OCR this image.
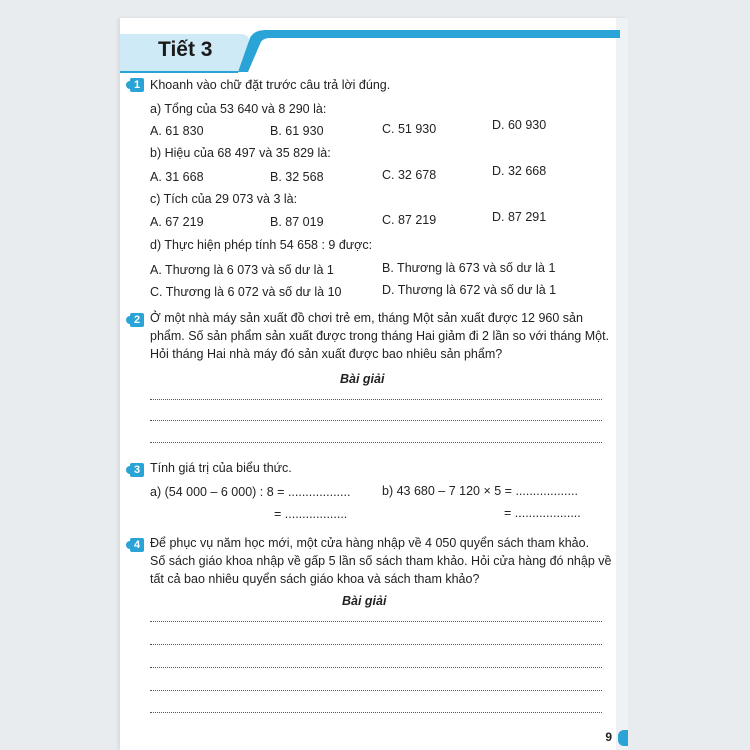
Tiết 3
1 Khoanh vào chữ đặt trước câu trả lời đúng.
a) Tổng của 53 640 và 8 290 là:
A. 61 830	B. 61 930	C. 51 930	D. 60 930
b) Hiệu của 68 497 và 35 829 là:
A. 31 668	B. 32 568	C. 32 678	D. 32 668
c) Tích của 29 073 và 3 là:
A. 67 219	B. 87 019	C. 87 219	D. 87 291
d) Thực hiện phép tính 54 658 : 9 được:
A. Thương là 6 073 và số dư là 1	B. Thương là 673 và số dư là 1
C. Thương là 6 072 và số dư là 10	D. Thương là 672 và số dư là 1
2 Ở một nhà máy sản xuất đồ chơi trẻ em, tháng Một sản xuất được 12 960 sản
phẩm. Số sản phẩm sản xuất được trong tháng Hai giảm đi 2 lần so với tháng Một.
Hỏi tháng Hai nhà máy đó sản xuất được bao nhiêu sản phẩm?
Bài giải
3 Tính giá trị của biểu thức.
a) (54 000 – 6 000) : 8 = ..................
= ..................
b) 43 680 – 7 120 × 5 = ..................
= ...................
4 Để phục vụ năm học mới, một cửa hàng nhập về 4 050 quyển sách tham khảo.
Số sách giáo khoa nhập về gấp 5 lần số sách tham khảo. Hỏi cửa hàng đó nhập về
tất cả bao nhiêu quyển sách giáo khoa và sách tham khảo?
Bài giải
9
